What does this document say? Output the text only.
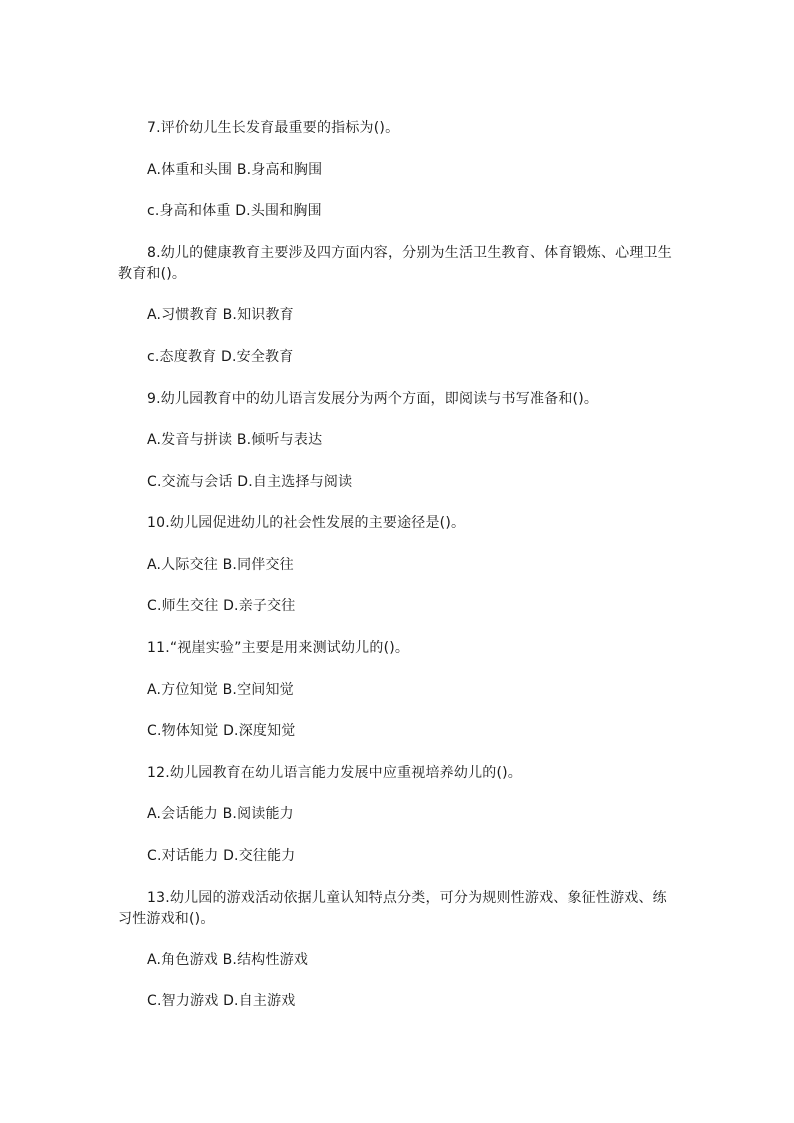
7.评价幼儿生长发育最重要的指标为()。
A.体重和头围 B.身高和胸围
c.身高和体重 D.头围和胸围
8.幼儿的健康教育主要涉及四方面内容，分别为生活卫生教育、体育锻炼、心理卫生教育和()。
A.习惯教育 B.知识教育
c.态度教育 D.安全教育
9.幼儿园教育中的幼儿语言发展分为两个方面，即阅读与书写准备和()。
A.发音与拼读 B.倾听与表达
C.交流与会话 D.自主选择与阅读
10.幼儿园促进幼儿的社会性发展的主要途径是()。
A.人际交往 B.同伴交往
C.师生交往 D.亲子交往
11.“视崖实验”主要是用来测试幼儿的()。
A.方位知觉 B.空间知觉
C.物体知觉 D.深度知觉
12.幼儿园教育在幼儿语言能力发展中应重视培养幼儿的()。
A.会话能力 B.阅读能力
C.对话能力 D.交往能力
13.幼儿园的游戏活动依据儿童认知特点分类，可分为规则性游戏、象征性游戏、练习性游戏和()。
A.角色游戏 B.结构性游戏
C.智力游戏 D.自主游戏
